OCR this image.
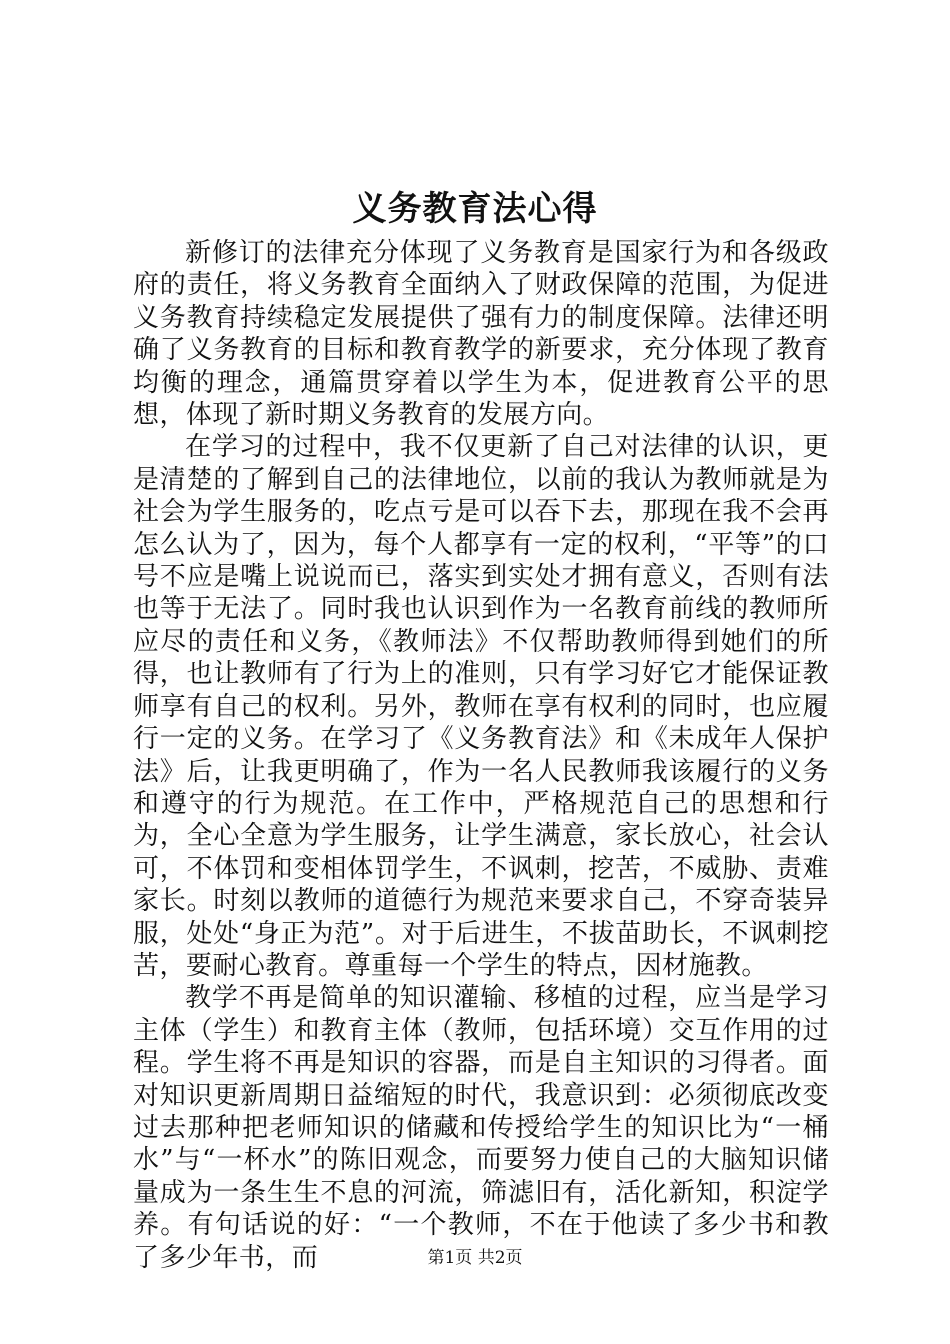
义务教育法心得

新修订的法律充分体现了义务教育是国家行为和各级政府的责任，将义务教育全面纳入了财政保障的范围，为促进义务教育持续稳定发展提供了强有力的制度保障。法律还明确了义务教育的目标和教育教学的新要求，充分体现了教育均衡的理念，通篇贯穿着以学生为本，促进教育公平的思想，体现了新时期义务教育的发展方向。

在学习的过程中，我不仅更新了自己对法律的认识，更是清楚的了解到自己的法律地位，以前的我认为教师就是为社会为学生服务的，吃点亏是可以吞下去，那现在我不会再怎么认为了，因为，每个人都享有一定的权利，“平等”的口号不应是嘴上说说而已，落实到实处才拥有意义，否则有法也等于无法了。同时我也认识到作为一名教育前线的教师所应尽的责任和义务，《教师法》不仅帮助教师得到她们的所得，也让教师有了行为上的准则，只有学习好它才能保证教师享有自己的权利。另外，教师在享有权利的同时，也应履行一定的义务。在学习了《义务教育法》和《未成年人保护法》后，让我更明确了，作为一名人民教师我该履行的义务和遵守的行为规范。在工作中，严格规范自己的思想和行为，全心全意为学生服务，让学生满意，家长放心，社会认可，不体罚和变相体罚学生，不讽刺，挖苦，不威胁、责难家长。时刻以教师的道德行为规范来要求自己，不穿奇装异服，处处“身正为范”。对于后进生，不拔苗助长，不讽刺挖苦，要耐心教育。尊重每一个学生的特点，因材施教。

教学不再是简单的知识灌输、移植的过程，应当是学习主体（学生）和教育主体（教师，包括环境）交互作用的过程。学生将不再是知识的容器，而是自主知识的习得者。面对知识更新周期日益缩短的时代，我意识到：必须彻底改变过去那种把老师知识的储藏和传授给学生的知识比为“一桶水”与“一杯水”的陈旧观念，而要努力使自己的大脑知识储量成为一条生生不息的河流，筛滤旧有，活化新知，积淀学养。有句话说的好：“一个教师，不在于他读了多少书和教了多少年书，而	第1页 共2页
